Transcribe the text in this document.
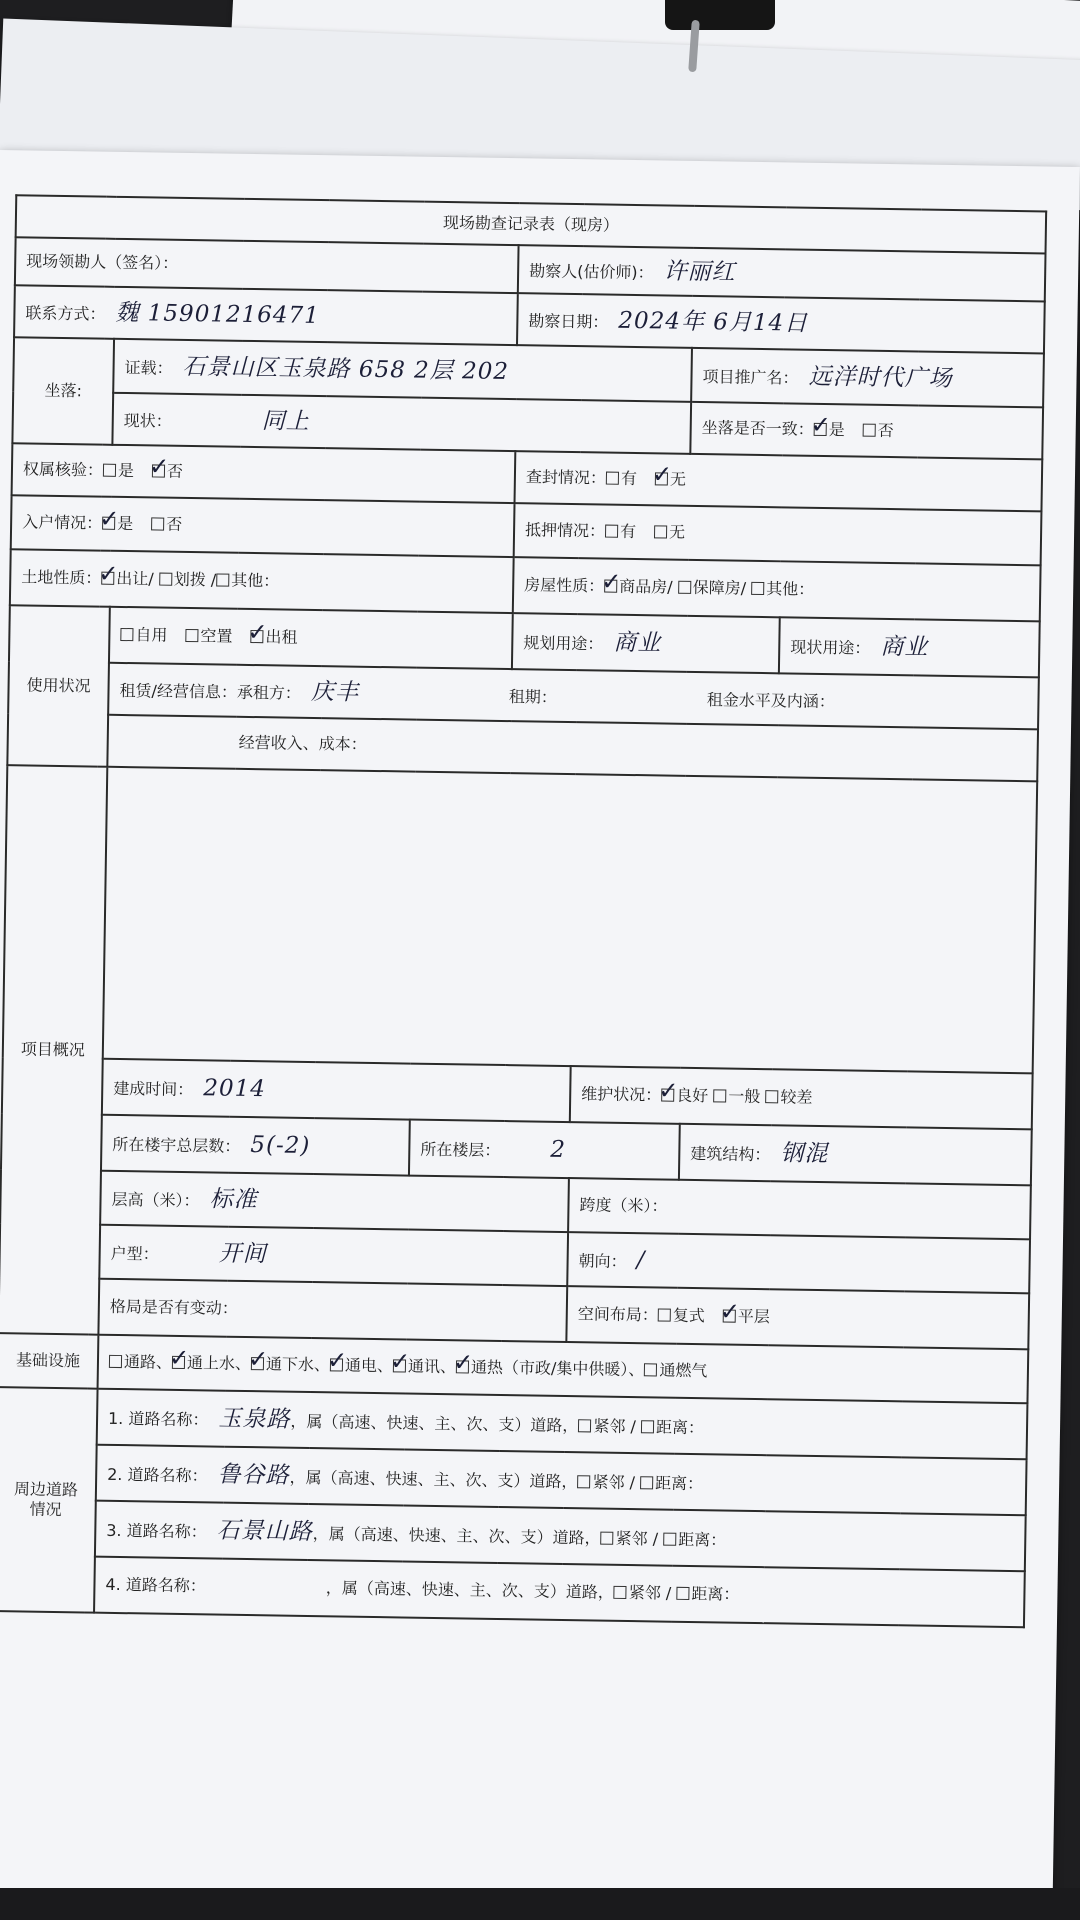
现场勘查记录表（现房）						
现场领勘人（签名）：			勘察人(估价师)： 许丽红			
联系方式： 魏 15901216471			勘察日期： 2024年 6月14日			
坐落:	证载： 石景山区玉泉路 658 2层 202				项目推广名： 远洋时代广场	
	现状： 同上				坐落是否一致： ✓ 是 否
权属核验： 是 ✓ 否			查封情况： 有 ✓ 无
入户情况： ✓ 是 否			抵押情况： 有 无			
土地性质： ✓ 出让/ 划拨 / 其他：			房屋性质： ✓ 商品房/ 保障房/ 其他：
使用状况	自用 空置 ✓ 出租		规划用途： 商业			现状用途： 商业
	租赁/经营信息：承租方： 庆丰 租期： 租金水平及内涵：					
	经营收入、成本：					
项目概况						
	建成时间： 2014			维护状况： ✓ 良好 一般 较差
	所在楼宇总层数： 5(-2)	所在楼层： 2			建筑结构： 钢混	
	层高（米）： 标准			跨度（米）：		
	户型： 开间			朝向： /		
	格局是否有变动：			空间布局： 复式 ✓ 平层
基础设施	通路、 ✓ 通上水、 ✓ 通下水、 ✓ 通电、 ✓ 通讯、 ✓ 通热（市政/集中供暖）、 通燃气
周边道路情况	1. 道路名称： 玉泉路，属（高速、快速、主、次、支）道路， 紧邻 / 距离：					
	2. 道路名称： 鲁谷路，属（高速、快速、主、次、支）道路， 紧邻 / 距离：					
	3. 道路名称： 石景山路，属（高速、快速、主、次、支）道路， 紧邻 / 距离：					
	4. 道路名称： ，属（高速、快速、主、次、支）道路， 紧邻 / 距离：					
